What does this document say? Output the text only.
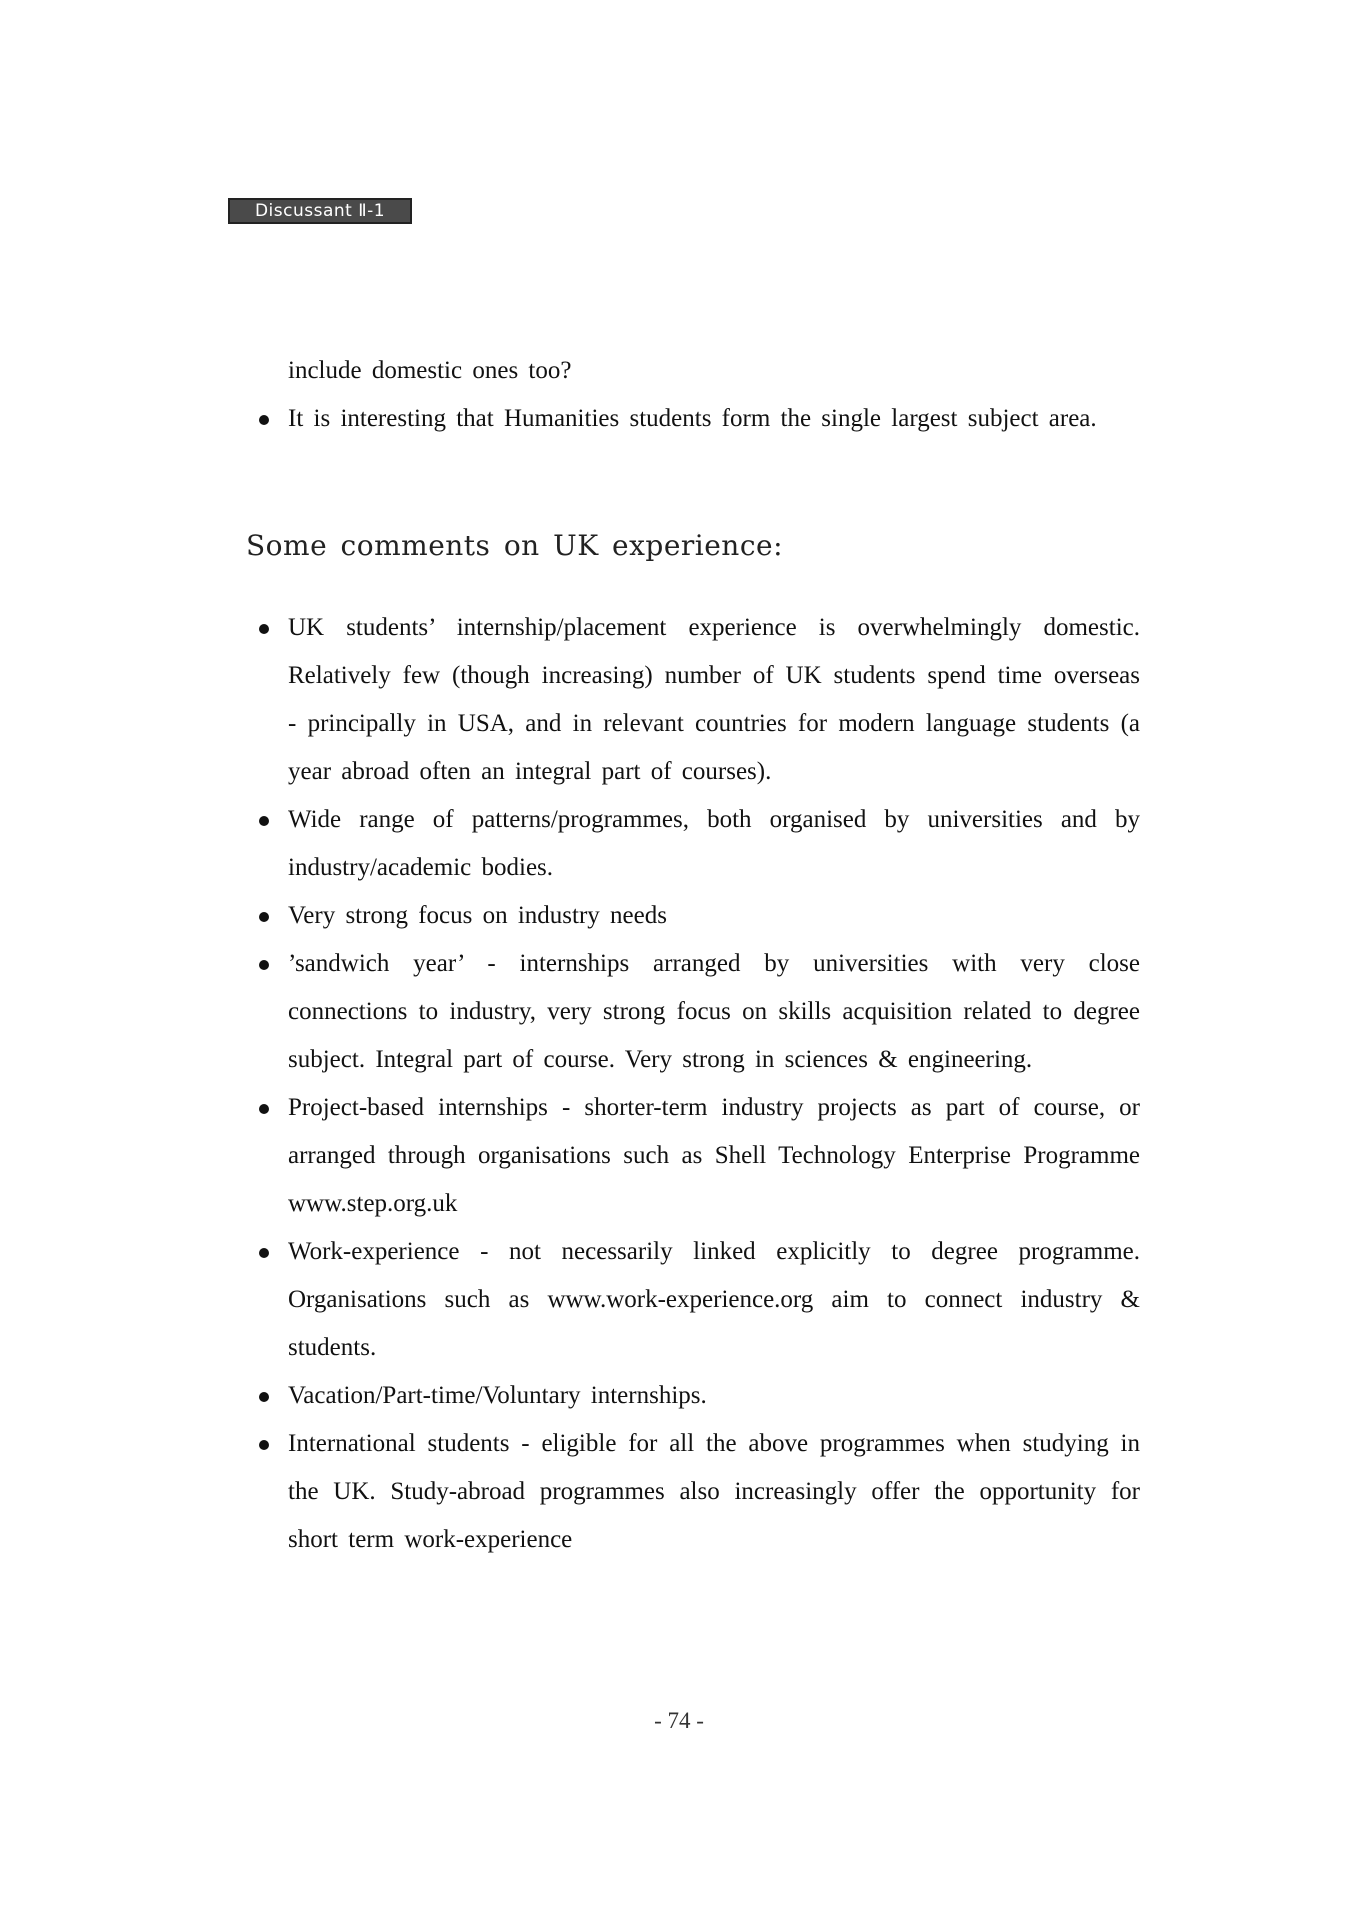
Discussant Ⅱ-1

include domestic ones too?

It is interesting that Humanities students form the single largest subject area.
Some comments on UK experience:
UK students’ internship/placement experience is overwhelmingly domestic. Relatively few (though increasing) number of UK students spend time overseas - principally in USA, and in relevant countries for modern language students (a year abroad often an integral part of courses).
Wide range of patterns/programmes, both organised by universities and by industry/academic bodies.
Very strong focus on industry needs
’sandwich year’ - internships arranged by universities with very close connections to industry, very strong focus on skills acquisition related to degree subject. Integral part of course. Very strong in sciences & engineering.
Project-based internships - shorter-term industry projects as part of course, or arranged through organisations such as Shell Technology Enterprise Programme www.step.org.uk
Work-experience - not necessarily linked explicitly to degree programme. Organisations such as www.work-experience.org aim to connect industry & students.
Vacation/Part-time/Voluntary internships.
International students - eligible for all the above programmes when studying in the UK. Study-abroad programmes also increasingly offer the opportunity for short term work-experience
- 74 -
